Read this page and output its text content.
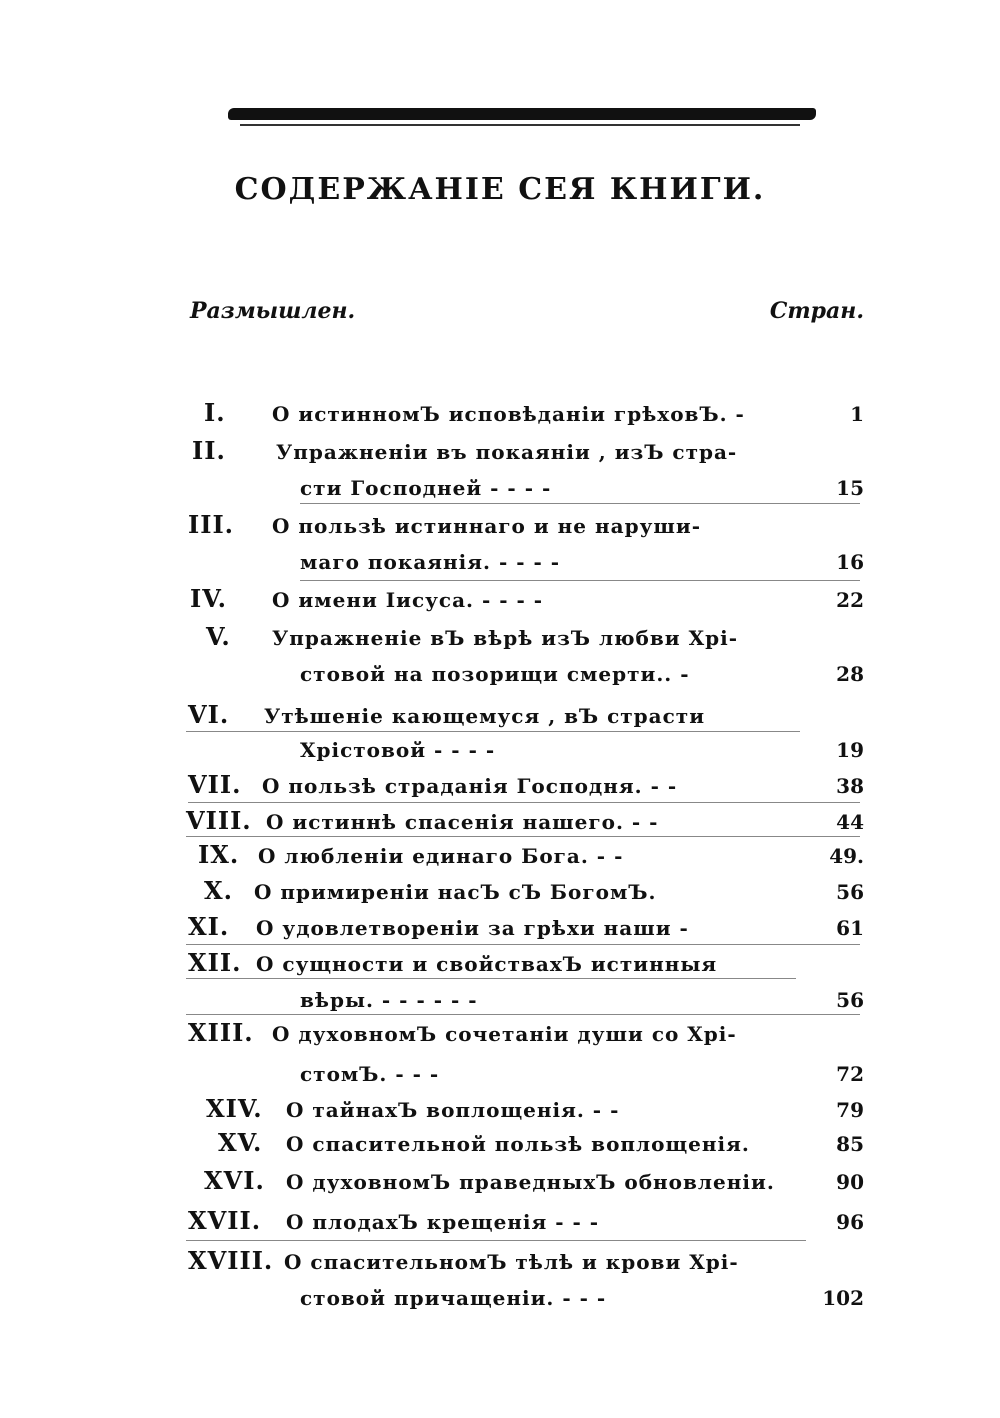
СОДЕРЖАНІЕ СЕЯ КНИГИ.
Размышлен.	Стран.
I. О истинномЪ исповѣданіи грѣховЪ. -	1
II.	Упражненіи въ покаяніи , изЪ стра-
сти Господней - - - -	15
III. О пользѣ истиннаго и не наруши-
маго покаянія. - - - -	16
IV. О имени Іисуса. - - - -	22
V. Упражненіе вЪ вѣрѣ изЪ любви Хрі-
стовой на позорищи смерти.. -	28
VI. Утѣшеніе кающемуся , вЪ страсти
Хрістовой - - - -	19
VII. О пользѣ страданія Господня. - -	38
VIII. О истиннѣ спасенія нашего. - -	44
IX. О любленіи единаго Бога. - -	49.
X. О примиреніи насЪ сЪ БогомЪ.	56
XI. О удовлетвореніи за грѣхи наши -	61
XII. О сущности и свойствахЪ истинныя
вѣры. - - - - - -	56
XIII. О духовномЪ сочетаніи души со Хрі-
стомЪ. - - -	72
XIV. О тайнахЪ воплощенія. - -	79
XV. О спасительной пользѣ воплощенія.	85
XVI. О духовномЪ праведныхЪ обновленіи.	90
XVII. О плодахЪ крещенія - - -	96
XVIII. О спасительномЪ тѣлѣ и крови Хрі-
стовой причащеніи. - - -	102
